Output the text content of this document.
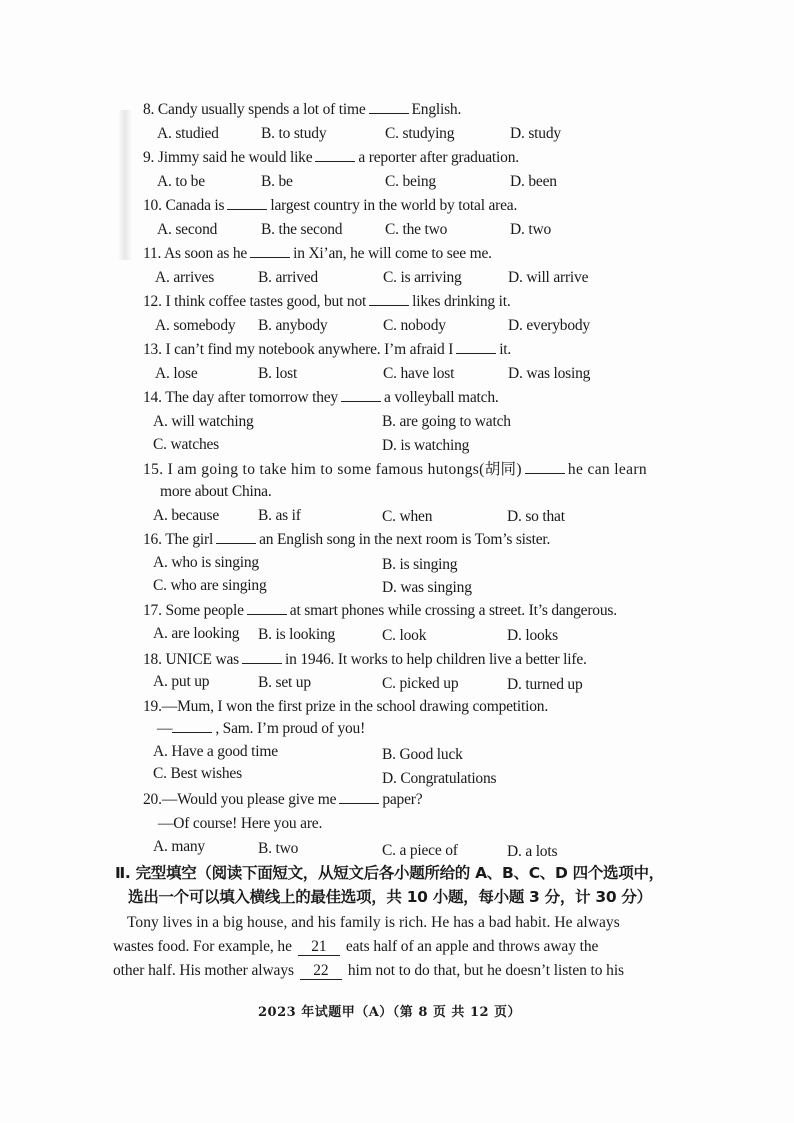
8. Candy usually spends a lot of time	English.
A. studied	B. to study	C. studying	D. study
9. Jimmy said he would like	a reporter after graduation.
A. to be	B. be	C. being	D. been
10. Canada is	largest country in the world by total area.
A. second	B. the second	C. the two	D. two
11. As soon as he	in Xi’an, he will come to see me.
A. arrives	B. arrived	C. is arriving	D. will arrive
12. I think coffee tastes good, but not	likes drinking it.
A. somebody B. anybody	C. nobody	D. everybody
13. I can’t find my notebook anywhere. I’m afraid I	it.
A. lose	B. lost	C. have lost	D. was losing
14. The day after tomorrow they	a volleyball match.
A. will watching	B. are going to watch
C. watches	D. is watching
15. I am going to take him to some famous hutongs(胡同)	he can learn
more about China.
A. because	B. as if	C. when	D. so that
16. The girl	an English song in the next room is Tom’s sister.
A. who is singing	B. is singing
C. who are singing	D. was singing
17. Some people	at smart phones while crossing a street. It’s dangerous.
A. are looking B. is looking	C. look	D. looks
18. UNICE was	in 1946. It works to help children live a better life.
A. put up	B. set up	C. picked up	D. turned up
19.—Mum, I won the first prize in the school drawing competition.
—	, Sam. I’m proud of you!
A. Have a good time	B. Good luck
C. Best wishes	D. Congratulations
20.—Would you please give me	paper?
—Of course! Here you are.
A. many	B. two	C. a piece of	D. a lots
Ⅱ. 完型填空（阅读下面短文，从短文后各小题所给的 A、B、C、D 四个选项中，
选出一个可以填入横线上的最佳选项，共 10 小题，每小题 3 分，计 30 分）
Tony lives in a big house, and his family is rich. He has a bad habit. He always
wastes food. For example, he 21 eats half of an apple and throws away the
other half. His mother always 22 him not to do that, but he doesn’t listen to his
2023 年试题甲（A）（第 8 页 共 12 页）
